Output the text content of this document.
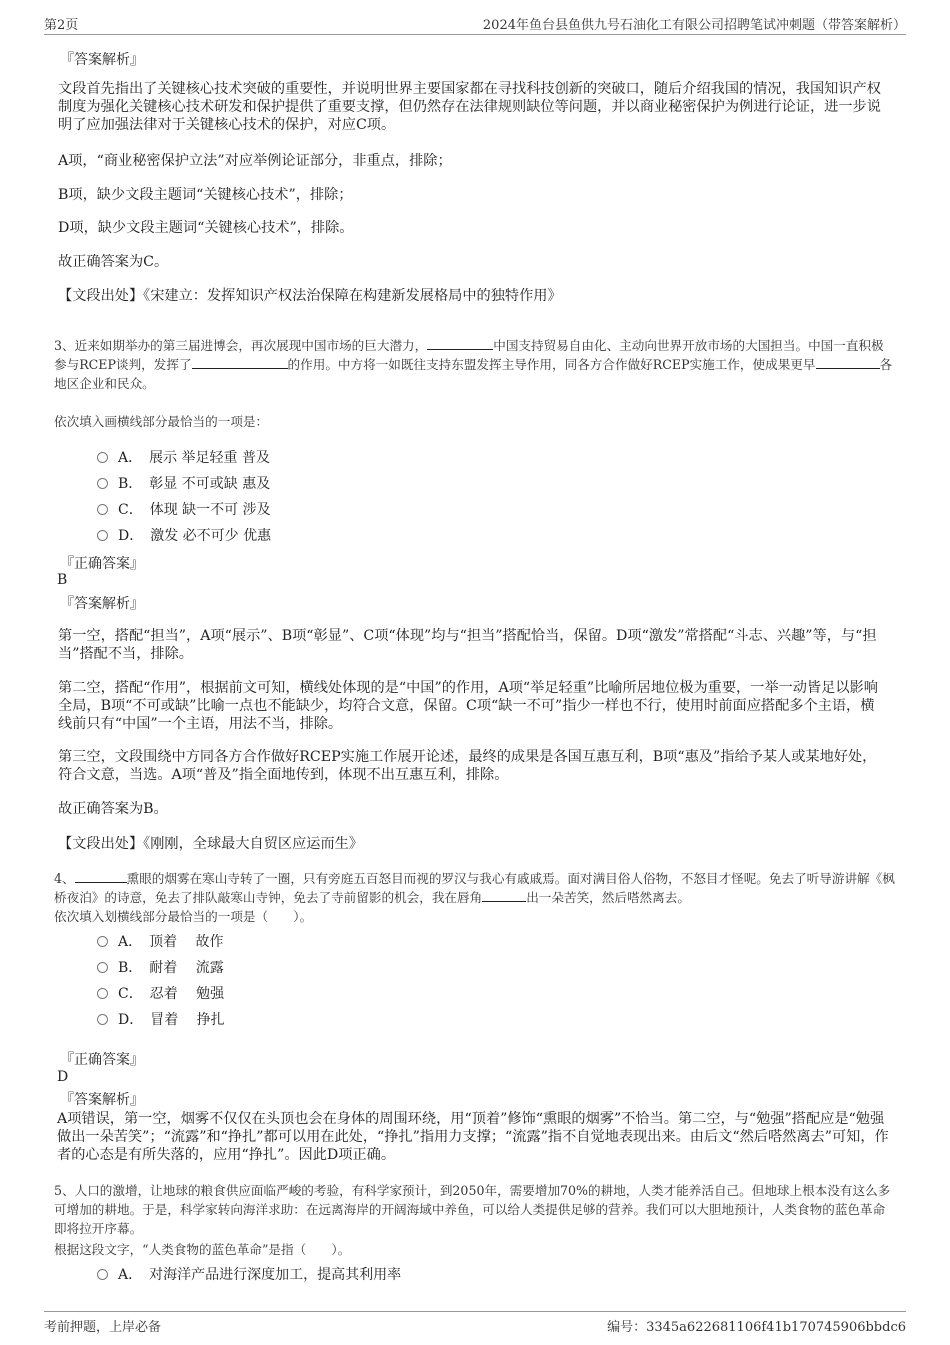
第2页	2024年鱼台县鱼供九号石油化工有限公司招聘笔试冲刺题（带答案解析）
『答案解析』
文段首先指出了关键核心技术突破的重要性，并说明世界主要国家都在寻找科技创新的突破口，随后介绍我国的情况，我国知识产权制度为强化关键核心技术研发和保护提供了重要支撑，但仍然存在法律规则缺位等问题，并以商业秘密保护为例进行论证，进一步说明了应加强法律对于关键核心技术的保护，对应C项。
A项，“商业秘密保护立法”对应举例论证部分，非重点，排除；
B项，缺少文段主题词“关键核心技术”，排除；
D项，缺少文段主题词“关键核心技术”，排除。
故正确答案为C。
【文段出处】《宋建立：发挥知识产权法治保障在构建新发展格局中的独特作用》
3、近来如期举办的第三届进博会，再次展现中国市场的巨大潜力，	中国支持贸易自由化、主动向世界开放市场的大国担当。中国一直积极参与RCEP谈判，发挥了	的作用。中方将一如既往支持东盟发挥主导作用，同各方合作做好RCEP实施工作，使成果更早	各地区企业和民众。
依次填入画横线部分最恰当的一项是：
A．　展示 举足轻重 普及
B．　彰显 不可或缺 惠及
C．　体现 缺一不可 涉及
D．　激发 必不可少 优惠
『正确答案』
B
『答案解析』
第一空，搭配“担当”，A项“展示”、B项“彰显”、C项“体现”均与“担当”搭配恰当，保留。D项“激发”常搭配“斗志、兴趣”等，与“担当”搭配不当，排除。
第二空，搭配“作用”，根据前文可知，横线处体现的是“中国”的作用，A项“举足轻重”比喻所居地位极为重要，一举一动皆足以影响全局，B项“不可或缺”比喻一点也不能缺少，均符合文意，保留。C项“缺一不可”指少一样也不行，使用时前面应搭配多个主语，横线前只有“中国”一个主语，用法不当，排除。
第三空，文段围绕中方同各方合作做好RCEP实施工作展开论述，最终的成果是各国互惠互利，B项“惠及”指给予某人或某地好处，符合文意，当选。A项“普及”指全面地传到，体现不出互惠互利，排除。
故正确答案为B。
【文段出处】《刚刚，全球最大自贸区应运而生》
4、	熏眼的烟雾在寒山寺转了一圈，只有旁庭五百怒目而视的罗汉与我心有戚戚焉。面对满目俗人俗物，不怒目才怪呢。免去了听导游讲解《枫桥夜泊》的诗意，免去了排队敲寒山寺钟，免去了寺前留影的机会，我在唇角	出一朵苦笑，然后嗒然离去。
依次填入划横线部分最恰当的一项是（　　）。
A．　顶着　 故作
B．　耐着　 流露
C．　忍着　 勉强
D．　冒着　 挣扎
『正确答案』
D
『答案解析』
A项错误，第一空，烟雾不仅仅在头顶也会在身体的周围环绕，用“顶着”修饰“熏眼的烟雾”不恰当。第二空，与“勉强”搭配应是“勉强做出一朵苦笑”；“流露”和“挣扎”都可以用在此处，“挣扎”指用力支撑；“流露”指不自觉地表现出来。由后文“然后嗒然离去”可知，作者的心态是有所失落的，应用“挣扎”。因此D项正确。
5、人口的激增，让地球的粮食供应面临严峻的考验，有科学家预计，到2050年，需要增加70%的耕地，人类才能养活自己。但地球上根本没有这么多可增加的耕地。于是，科学家转向海洋求助：在远离海岸的开阔海域中养鱼，可以给人类提供足够的营养。我们可以大胆地预计，人类食物的蓝色革命即将拉开序幕。
根据这段文字，“人类食物的蓝色革命”是指（　　）。
A．　对海洋产品进行深度加工，提高其利用率
考前押题，上岸必备	编号：3345a622681106f41b170745906bbdc6
